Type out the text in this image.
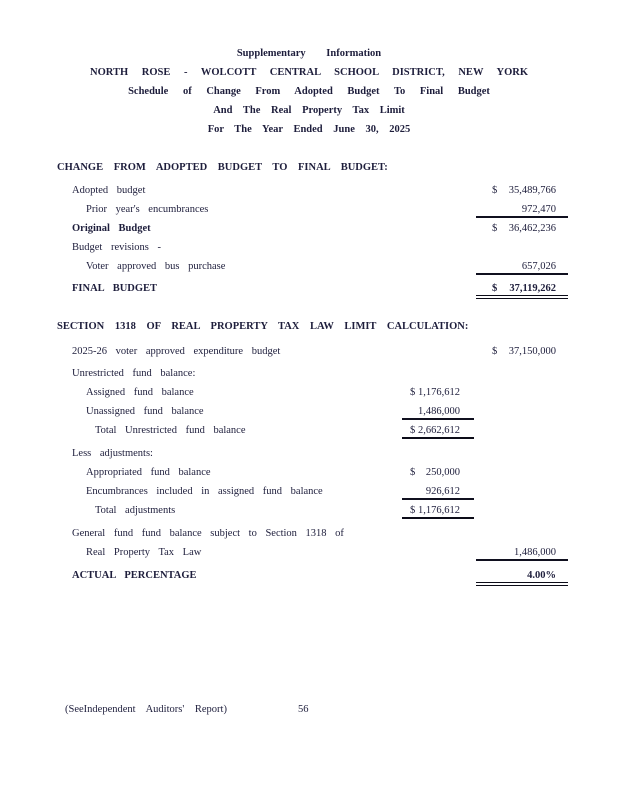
Supplementary Information
NORTH ROSE - WOLCOTT CENTRAL SCHOOL DISTRICT, NEW YORK
Schedule of Change From Adopted Budget To Final Budget
And The Real Property Tax Limit
For The Year Ended June 30, 2025
CHANGE FROM ADOPTED BUDGET TO FINAL BUDGET:
Adopted budget	$ 35,489,766
Prior year's encumbrances	972,470
Original Budget	$ 36,462,236
Budget revisions -
Voter approved bus purchase	657,026
FINAL BUDGET	$ 37,119,262
SECTION 1318 OF REAL PROPERTY TAX LAW LIMIT CALCULATION:
2025-26 voter approved expenditure budget	$ 37,150,000
Unrestricted fund balance:
Assigned fund balance	$ 1,176,612
Unassigned fund balance	1,486,000
Total Unrestricted fund balance	$ 2,662,612
Less adjustments:
Appropriated fund balance	$ 250,000
Encumbrances included in assigned fund balance	926,612
Total adjustments	$ 1,176,612
General fund fund balance subject to Section 1318 of
Real Property Tax Law	1,486,000
ACTUAL PERCENTAGE	4.00%
(SeeIndependent Auditors' Report)	56
